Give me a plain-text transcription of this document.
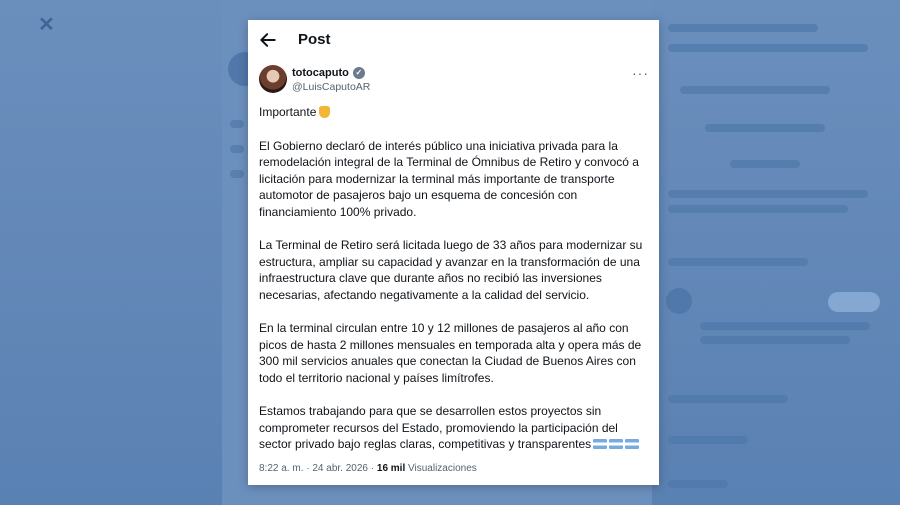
✕
Post
totocaputo ✓
@LuisCaputoAR
···

Importante

El Gobierno declaró de interés público una iniciativa privada para la remodelación integral de la Terminal de Ómnibus de Retiro y convocó a licitación para modernizar la terminal más importante de transporte automotor de pasajeros bajo un esquema de concesión con financiamiento 100% privado.

La Terminal de Retiro será licitada luego de 33 años para modernizar su estructura, ampliar su capacidad y avanzar en la transformación de una infraestructura clave que durante años no recibió las inversiones necesarias, afectando negativamente a la calidad del servicio.

En la terminal circulan entre 10 y 12 millones de pasajeros al año con picos de hasta 2 millones mensuales en temporada alta y opera más de 300 mil servicios anuales que conectan la Ciudad de Buenos Aires con todo el territorio nacional y países limítrofes.

Estamos trabajando para que se desarrollen estos proyectos sin comprometer recursos del Estado, promoviendo la participación del sector privado bajo reglas claras, competitivas y transparentes

8:22 a. m. · 24 abr. 2026 · 16 mil Visualizaciones
